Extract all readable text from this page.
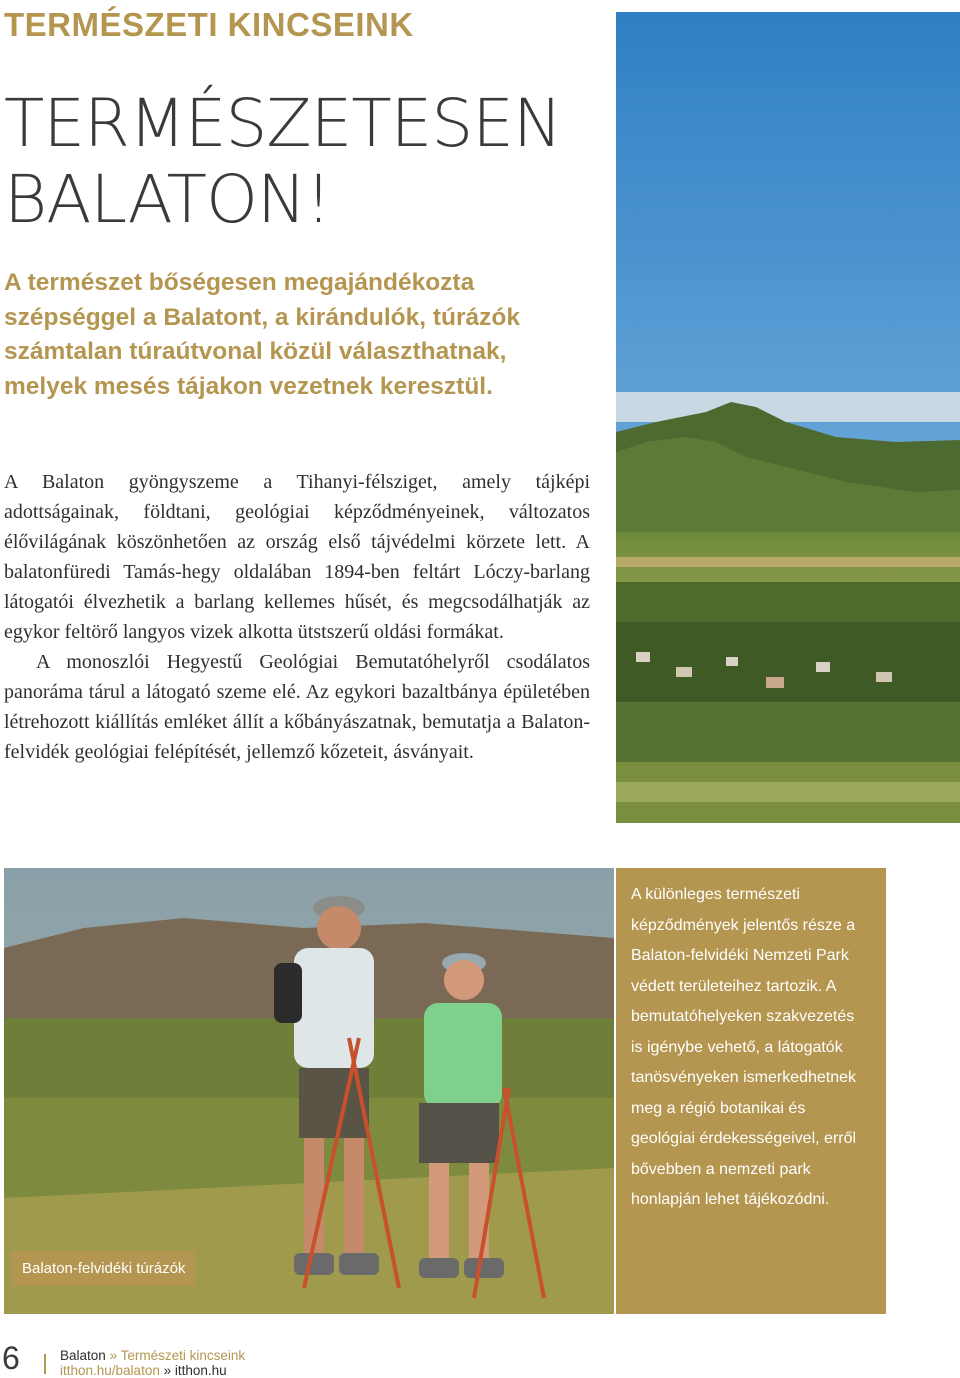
TERMÉSZETI KINCSEINK
TERMÉSZETESEN
BALATON!
A természet bőségesen megajándékozta szépséggel a Balatont, a kirándulók, túrázók számtalan túraútvonal közül választhatnak, melyek mesés tájakon vezetnek keresztül.

A Balaton gyöngyszeme a Tihanyi-félsziget, amely tájképi adottságainak, földtani, geológiai képződményeinek, változatos élővilágának köszönhetően az ország első tájvédelmi körzete lett. A balatonfüredi Tamás-hegy oldalában 1894-ben feltárt Lóczy-barlang látogatói élvezhetik a barlang kellemes hűsét, és megcsodálhatják az egykor feltörő langyos vizek alkotta ütstszerű oldási formákat.

A monoszlói Hegyestű Geológiai Bemutatóhelyről csodálatos panoráma tárul a látogató szeme elé. Az egykori bazaltbánya épületében létrehozott kiállítás emléket állít a kőbányászatnak, bemutatja a Balaton-felvidék geológiai felépítését, jellemző kőzeteit, ásványait.

Balaton-felvidéki túrázók
A különleges természeti képződmények jelentős része a Balaton-felvidéki Nemzeti Park védett területeihez tartozik. A bemutatóhelyeken szakvezetés is igénybe vehető, a látogatók tanösvényeken ismerkedhetnek meg a régió botanikai és geológiai érdekességeivel, erről bővebben a nemzeti park honlapján lehet tájékozódni.
6	Balaton » Természeti kincseink
itthon.hu/balaton » itthon.hu
